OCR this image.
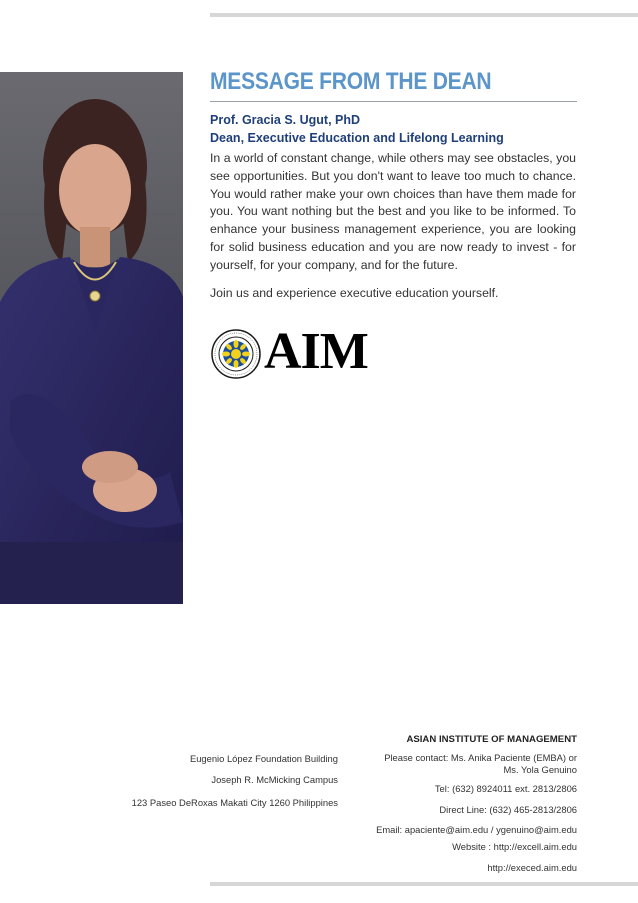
MESSAGE FROM THE DEAN
Prof. Gracia S. Ugut, PhD
Dean, Executive Education and Lifelong Learning

In a world of constant change, while others may see obstacles, you see opportunities. But you don't want to leave too much to chance. You would rather make your own choices than have them made for you. You want nothing but the best and you like to be informed. To enhance your business management experience, you are looking for solid business education and you are now ready to invest - for yourself, for your company, and for the future.

Join us and experience executive education yourself.

AIM
Eugenio López Foundation Building
Joseph R. McMicking Campus
123 Paseo DeRoxas Makati City 1260 Philippines
ASIAN INSTITUTE OF MANAGEMENT
Please contact: Ms. Anika Paciente (EMBA) or
Ms. Yola Genuino
Tel: (632) 8924011 ext. 2813/2806
Direct Line: (632) 465-2813/2806
Email: apaciente@aim.edu / ygenuino@aim.edu
Website : http://excell.aim.edu
http://execed.aim.edu
